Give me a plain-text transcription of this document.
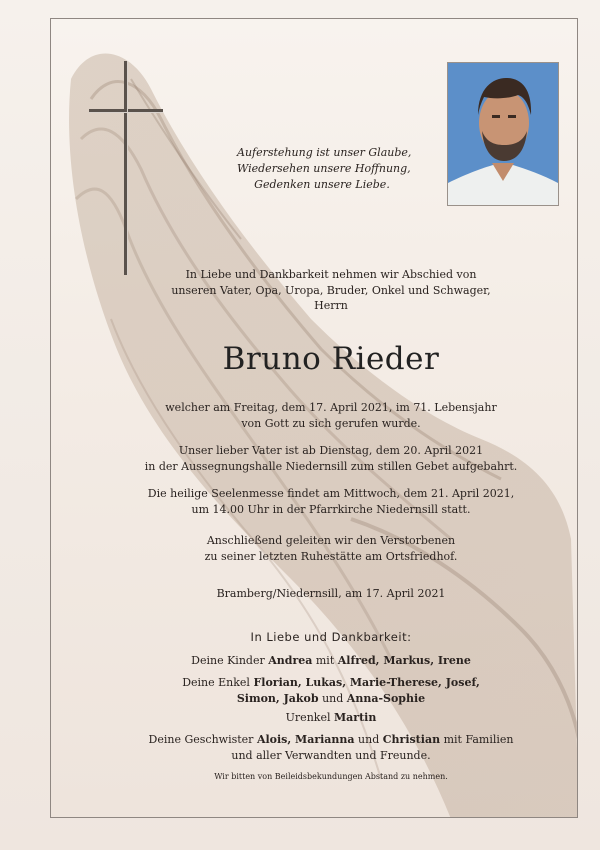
Auferstehung ist unser Glaube,
Wiedersehen unsere Hoffnung,
Gedenken unsere Liebe.
In Liebe und Dankbarkeit nehmen wir Abschied von
unseren Vater, Opa, Uropa, Bruder, Onkel und Schwager,
Herrn
Bruno Rieder
welcher am Freitag, dem 17. April 2021, im 71. Lebensjahr
von Gott zu sich gerufen wurde.
Unser lieber Vater ist ab Dienstag, dem 20. April 2021
in der Aussegnungshalle Niedernsill zum stillen Gebet aufgebahrt.
Die heilige Seelenmesse findet am Mittwoch, dem 21. April 2021,
um 14.00 Uhr in der Pfarrkirche Niedernsill statt.
Anschließend geleiten wir den Verstorbenen
zu seiner letzten Ruhestätte am Ortsfriedhof.
Bramberg/Niedernsill, am 17. April 2021
In Liebe und Dankbarkeit:
Deine Kinder Andrea mit Alfred, Markus, Irene
Deine Enkel Florian, Lukas, Marie-Therese, Josef,
Simon, Jakob und Anna-Sophie
Urenkel Martin
Deine Geschwister Alois, Marianna und Christian mit Familien
und aller Verwandten und Freunde.
Wir bitten von Beileidsbekundungen Abstand zu nehmen.
